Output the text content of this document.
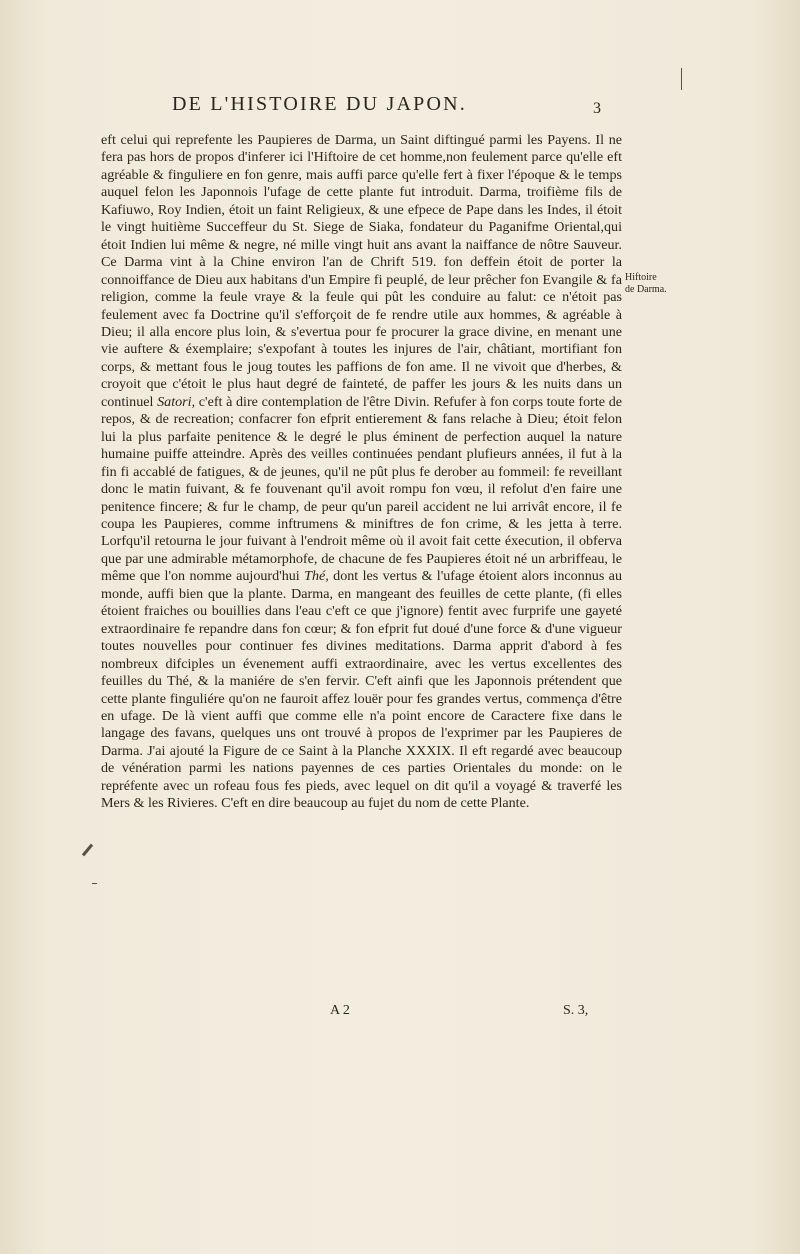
DE L'HISTOIRE DU JAPON.	3

eft celui qui reprefente les Paupieres de Darma, un Saint diftingué parmi les Payens. Il ne fera pas hors de propos d'inferer ici l'Hiftoire de cet homme,non feulement parce qu'elle eft agréable & finguliere en fon genre, mais auffi parce qu'elle fert à fixer l'époque & le temps auquel felon les Japonnois l'ufage de cette plante fut introduit. Darma, troifième fils de Kafiuwo, Roy Indien, étoit un faint Religieux, & une efpece de Pape dans les Indes, il étoit le vingt huitième Succeffeur du St. Siege de Siaka, fondateur du Paganifme Oriental,qui étoit Indien lui même & negre, né mille vingt huit ans avant la naiffance de nôtre Sauveur. Ce Darma vint à la Chine environ l'an de Chrift 519. fon deffein étoit de porter la connoiffance de Dieu aux habitans d'un Empire fi peuplé, de leur prêcher fon Evangile & fa religion, comme la feule vraye & la feule qui pût les conduire au falut: ce n'étoit pas feulement avec fa Doctrine qu'il s'efforçoit de fe rendre utile aux hommes, & agréable à Dieu; il alla encore plus loin, & s'evertua pour fe procurer la grace divine, en menant une vie auftere & éxemplaire; s'expofant à toutes les injures de l'air, châtiant, mortifiant fon corps, & mettant fous le joug toutes les paffions de fon ame. Il ne vivoit que d'herbes, & croyoit que c'étoit le plus haut degré de fainteté, de paffer les jours & les nuits dans un continuel Satori, c'eft à dire contemplation de l'être Divin. Refufer à fon corps toute forte de repos, & de recreation; confacrer fon efprit entierement & fans relache à Dieu; étoit felon lui la plus parfaite penitence & le degré le plus éminent de perfection auquel la nature humaine puiffe atteindre. Après des veilles continuées pendant plufieurs années, il fut à la fin fi accablé de fatigues, & de jeunes, qu'il ne pût plus fe derober au fommeil: fe reveillant donc le matin fuivant, & fe fouvenant qu'il avoit rompu fon vœu, il refolut d'en faire une penitence fincere; & fur le champ, de peur qu'un pareil accident ne lui arrivât encore, il fe coupa les Paupieres, comme inftrumens & miniftres de fon crime, & les jetta à terre. Lorfqu'il retourna le jour fuivant à l'endroit même où il avoit fait cette éxecution, il obferva que par une admirable métamorphofe, de chacune de fes Paupieres étoit né un arbriffeau, le même que l'on nomme aujourd'hui Thé, dont les vertus & l'ufage étoient alors inconnus au monde, auffi bien que la plante. Darma, en mangeant des feuilles de cette plante, (fi elles étoient fraiches ou bouillies dans l'eau c'eft ce que j'ignore) fentit avec furprife une gayeté extraordinaire fe repandre dans fon cœur; & fon efprit fut doué d'une force & d'une vigueur toutes nouvelles pour continuer fes divines meditations. Darma apprit d'abord à fes nombreux difciples un évenement auffi extraordinaire, avec les vertus excellentes des feuilles du Thé, & la maniére de s'en fervir. C'eft ainfi que les Japonnois prétendent que cette plante finguliére qu'on ne fauroit affez louër pour fes grandes vertus, commença d'être en ufage. De là vient auffi que comme elle n'a point encore de Caractere fixe dans le langage des favans, quelques uns ont trouvé à propos de l'exprimer par les Paupieres de Darma. J'ai ajouté la Figure de ce Saint à la Planche XXXIX. Il eft regardé avec beaucoup de vénération parmi les nations payennes de ces parties Orientales du monde: on le repréfente avec un rofeau fous fes pieds, avec lequel on dit qu'il a voyagé & traverfé les Mers & les Rivieres. C'eft en dire beaucoup au fujet du nom de cette Plante.

Hiftoire
de Darma.
A 2	S. 3,
